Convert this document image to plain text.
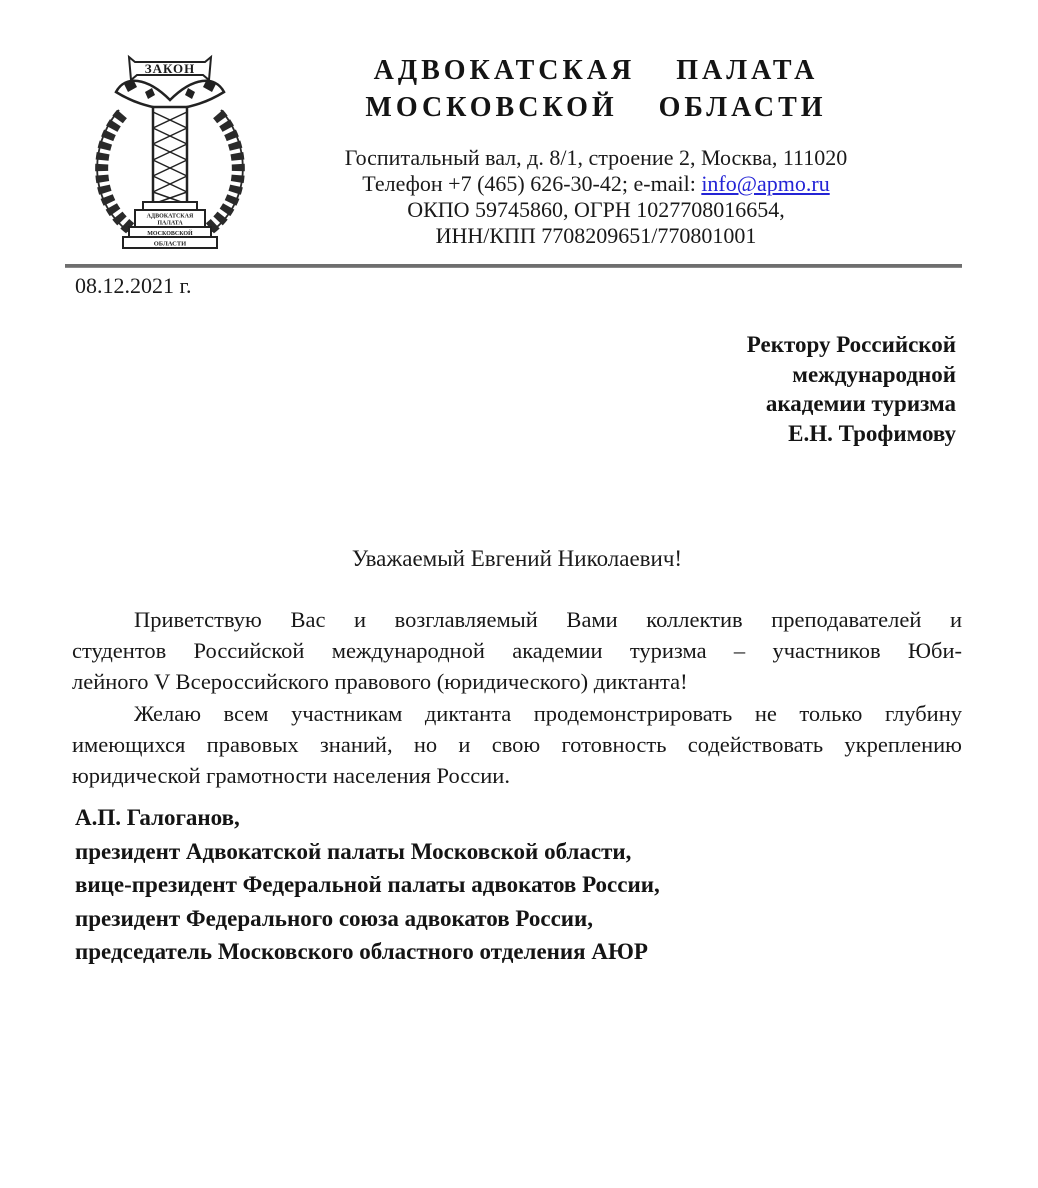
ЗАКОН
АДВОКАТСКАЯ
ПАЛАТА
МОСКОВСКОЙ
ОБЛАСТИ
АДВОКАТСКАЯ ПАЛАТА
МОСКОВСКОЙ ОБЛАСТИ
Госпитальный вал, д. 8/1, строение 2, Москва, 111020
Телефон +7 (465) 626-30-42; e-mail: info@apmo.ru
ОКПО 59745860, ОГРН 1027708016654,
ИНН/КПП 7708209651/770801001
08.12.2021 г.
Ректору Российской
международной
академии туризма
Е.Н. Трофимову
Уважаемый Евгений Николаевич!
Приветствую Вас и возглавляемый Вами коллектив преподавателей и
студентов Российской международной академии туризма – участников Юби-
лейного V Всероссийского правового (юридического) диктанта!
Желаю всем участникам диктанта продемонстрировать не только глубину
имеющихся правовых знаний, но и свою готовность содействовать укреплению
юридической грамотности населения России.
А.П. Галоганов,
президент Адвокатской палаты Московской области,
вице-президент Федеральной палаты адвокатов России,
президент Федерального союза адвокатов России,
председатель Московского областного отделения АЮР
